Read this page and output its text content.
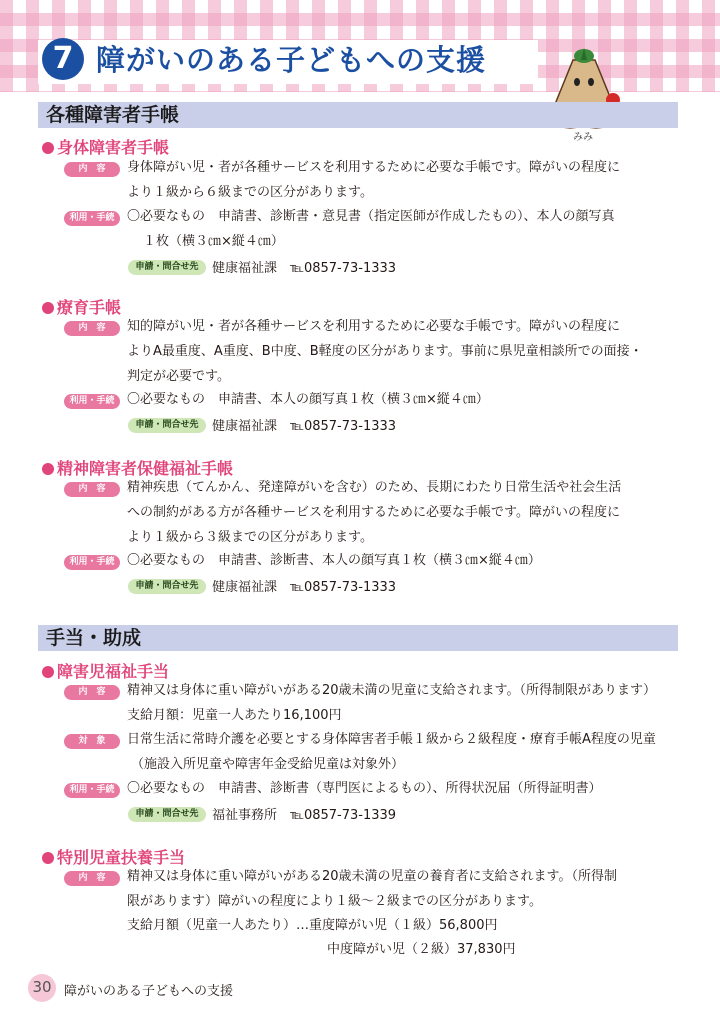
7 障がいのある子どもへの支援
みみ
各種障害者手帳
身体障害者手帳
内　容	身体障がい児・者が各種サービスを利用するために必要な手帳です。障がいの程度に
より１級から６級までの区分があります。
利用・手続 〇必要なもの　申請書、診断書・意見書（指定医師が作成したもの）、本人の顔写真
１枚（横３㎝×縦４㎝）
申請・問合せ先	健康福祉課　℡0857-73-1333
療育手帳
内　容	知的障がい児・者が各種サービスを利用するために必要な手帳です。障がいの程度に
よりA最重度、A重度、B中度、B軽度の区分があります。事前に県児童相談所での面接・
判定が必要です。
利用・手続 〇必要なもの　申請書、本人の顔写真１枚（横３㎝×縦４㎝）
申請・問合せ先	健康福祉課　℡0857-73-1333
精神障害者保健福祉手帳
内　容	精神疾患（てんかん、発達障がいを含む）のため、長期にわたり日常生活や社会生活
への制約がある方が各種サービスを利用するために必要な手帳です。障がいの程度に
より１級から３級までの区分があります。
利用・手続 〇必要なもの　申請書、診断書、本人の顔写真１枚（横３㎝×縦４㎝）
申請・問合せ先	健康福祉課　℡0857-73-1333
手当・助成
障害児福祉手当
内　容	精神又は身体に重い障がいがある20歳未満の児童に支給されます。（所得制限があります）
支給月額：児童一人あたり16,100円
対　象	日常生活に常時介護を必要とする身体障害者手帳１級から２級程度・療育手帳A程度の児童
（施設入所児童や障害年金受給児童は対象外）
利用・手続 〇必要なもの　申請書、診断書（専門医によるもの）、所得状況届（所得証明書）
申請・問合せ先	福祉事務所　℡0857-73-1339
特別児童扶養手当
内　容	精神又は身体に重い障がいがある20歳未満の児童の養育者に支給されます。（所得制
限があります）障がいの程度により１級～２級までの区分があります。
支給月額（児童一人あたり）…重度障がい児（１級）56,800円
中度障がい児（２級）37,830円
30 障がいのある子どもへの支援
